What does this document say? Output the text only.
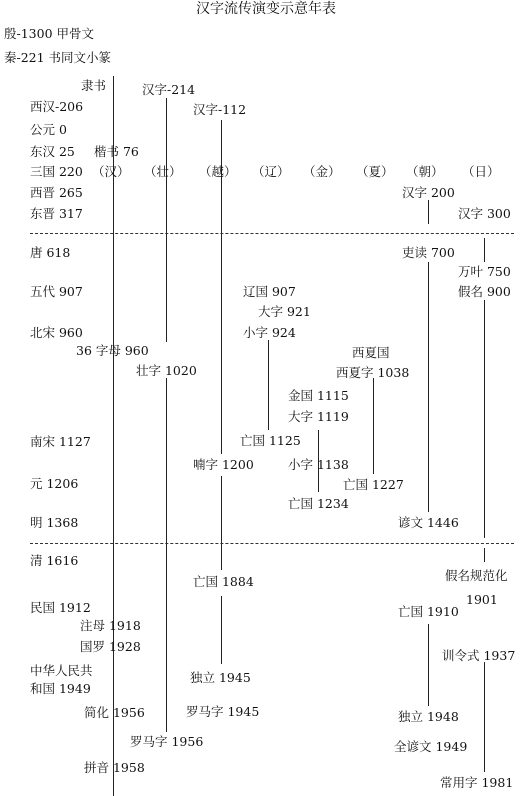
汉字流传演变示意年表
殷-1300 甲骨文
秦-221 书同文小篆
西汉-206
公元 0
东汉 25
三国 220
西晋 265
东晋 317
唐 618
五代 907
北宋 960
南宋 1127
元 1206
明 1368
清 1616
民国 1912
中华人民共
和国 1949
（汉） （壮） （越） （辽） （金） （夏） （朝） （日）
隶书
楷书 76
36 字母 960
注母 1918
国罗 1928
简化 1956
拼音 1958
汉字-214
壮字 1020
罗马字 1956
汉字-112
喃字 1200
亡国 1884
独立 1945
罗马字 1945
辽国 907
大字 921
小字 924
亡国 1125
金国 1115
大字 1119
小字 1138
亡国 1234
西夏国
西夏字 1038
亡国 1227
汉字 200
吏读 700
谚文 1446
亡国 1910
独立 1948
全谚文 1949
汉字 300
万叶 750
假名 900
假名规范化
1901
训令式 1937
常用字 1981
